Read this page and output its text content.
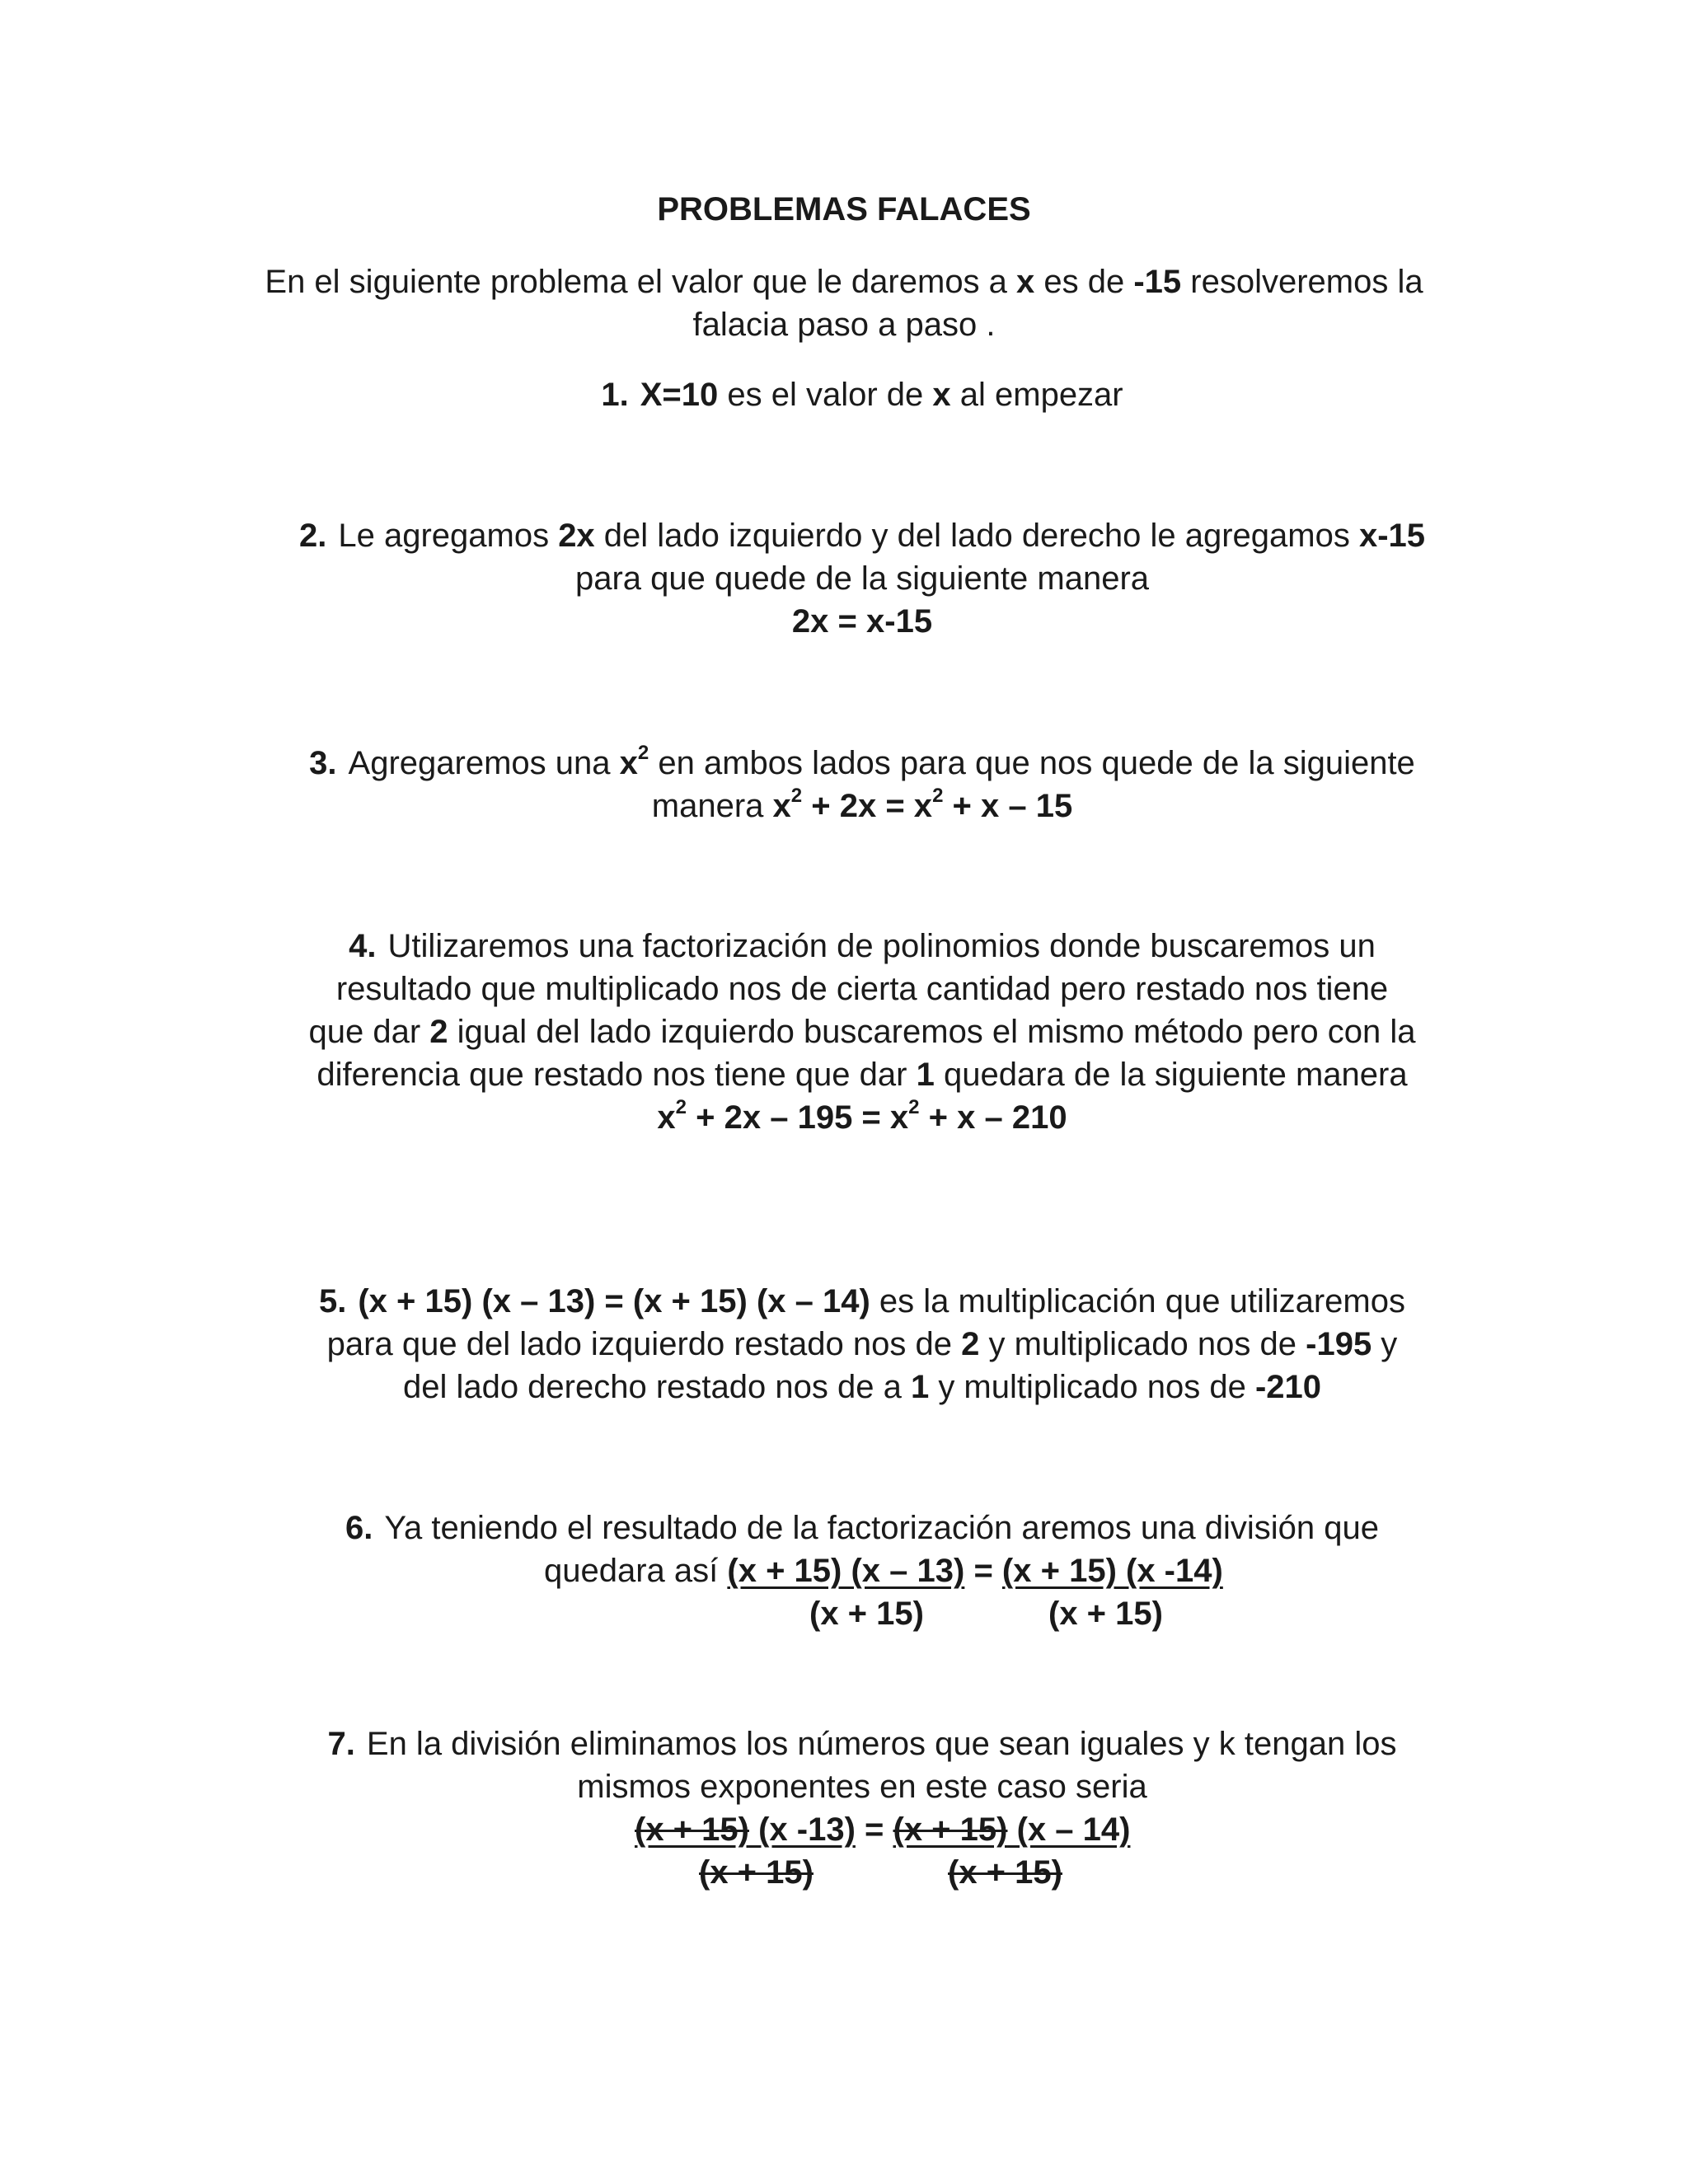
PROBLEMAS FALACES
En el siguiente problema el valor que le daremos a x es de -15 resolveremos la
falacia paso a paso .
1. X=10 es el valor de x al empezar
2. Le agregamos 2x del lado izquierdo y del lado derecho le agregamos x-15
para que quede de la siguiente manera
2x = x-15
3. Agregaremos una $x^2$ en ambos lados para que nos quede de la siguiente
manera $x^2 + 2x = x^2 + x - 15$
4. Utilizaremos una factorización de polinomios donde buscaremos un
resultado que multiplicado nos de cierta cantidad pero restado nos tiene
que dar 2 igual del lado izquierdo buscaremos el mismo método pero con la
diferencia que restado nos tiene que dar 1 quedara de la siguiente manera
$x^2 + 2x - 195 = x^2 + x - 210$
5. (x + 15) (x – 13) = (x + 15) (x – 14) es la multiplicación que utilizaremos
para que del lado izquierdo restado nos de 2 y multiplicado nos de -195 y
del lado derecho restado nos de a 1 y multiplicado nos de -210
6. Ya teniendo el resultado de la factorización aremos una división que
quedara así (x + 15) (x – 13) = (x + 15) (x -14)
(x + 15)	(x + 15)
7. En la división eliminamos los números que sean iguales y k tengan los
mismos exponentes en este caso seria
(x + 15) (x -13) = (x + 15) (x – 14)
(x + 15)	(x + 15)
